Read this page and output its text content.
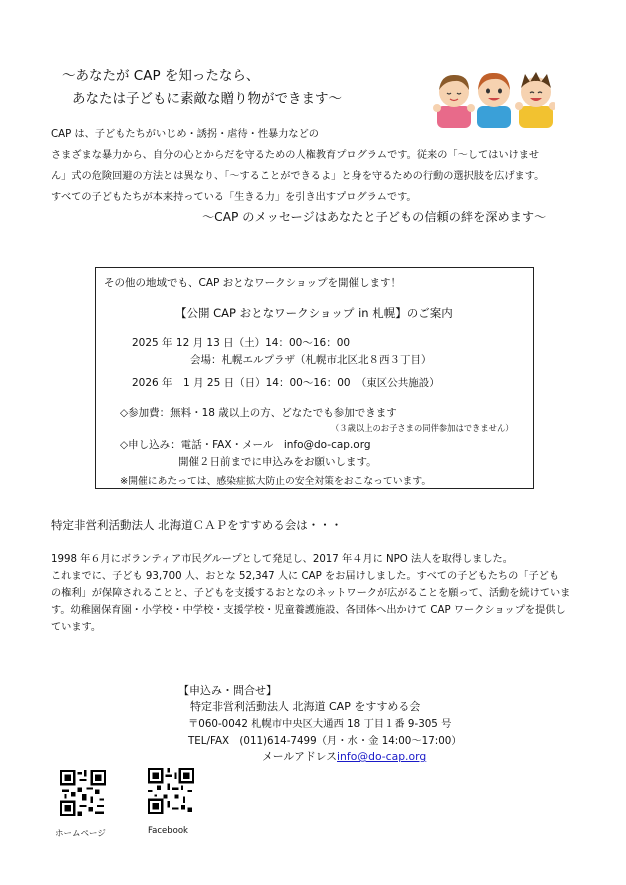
～あなたが CAP を知ったなら、
あなたは子どもに素敵な贈り物ができます～
CAP は、子どもたちがいじめ・誘拐・虐待・性暴力などの
さまざまな暴力から、自分の心とからだを守るための人権教育プログラムです。従来の「～してはいけませ
ん」式の危険回避の方法とは異なり、「～することができるよ」と身を守るための行動の選択肢を広げます。
すべての子どもたちが本来持っている「生きる力」を引き出すプログラムです。
～CAP のメッセージはあなたと子どもの信頼の絆を深めます～
その他の地域でも、CAP おとなワークショップを開催します！
【公開 CAP おとなワークショップ in 札幌】のご案内
2025 年 12 月 13 日（土）14：00～16：00
会場：札幌エルプラザ（札幌市北区北８西３丁目）
2026 年　1 月 25 日（日）14：00～16：00　（東区公共施設）
◇参加費：無料・18 歳以上の方、どなたでも参加できます
（３歳以上のお子さまの同伴参加はできません）
◇申し込み：電話・FAX・メール　info@do-cap.org
開催２日前までに申込みをお願いします。
※開催にあたっては、感染症拡大防止の安全対策をおこなっています。
特定非営利活動法人 北海道ＣＡＰをすすめる会は・・・
1998 年６月にボランティア市民グループとして発足し、2017 年４月に NPO 法人を取得しました。
これまでに、子ども 93,700 人、おとな 52,347 人に CAP をお届けしました。すべての子どもたちの「子ども
の権利」が保障されることと、子どもを支援するおとなのネットワークが広がることを願って、活動を続けていま
す。幼稚園保育園・小学校・中学校・支援学校・児童養護施設、各団体へ出かけて CAP ワークショップを提供し
ています。
【申込み・問合せ】
特定非営利活動法人 北海道 CAP をすすめる会
〒060-0042 札幌市中央区大通西 18 丁目１番 9-305 号
TEL/FAX　(011)614-7499（月・水・金 14:00～17:00）
メールアドレスinfo@do-cap.org
ホームページ	Facebook
